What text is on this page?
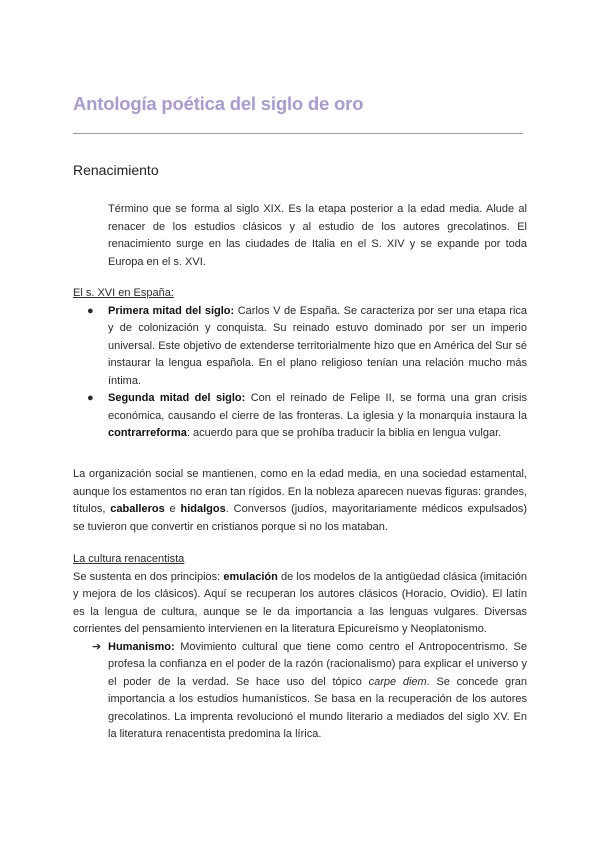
Antología poética del siglo de oro
Renacimiento

Término que se forma al siglo XIX. Es la etapa posterior a la edad media. Alude al renacer de los estudios clásicos y al estudio de los autores grecolatinos. El renacimiento surge en las ciudades de Italia en el S. XIV y se expande por toda Europa en el s. XVI.

El s. XVI en España:
● Primera mitad del siglo: Carlos V de España. Se caracteriza por ser una etapa rica y de colonización y conquista. Su reinado estuvo dominado por ser un imperio universal. Este objetivo de extenderse territorialmente hizo que en América del Sur sé instaurar la lengua española. En el plano religioso tenían una relación mucho más íntima.
● Segunda mitad del siglo: Con el reinado de Felipe II, se forma una gran crisis económica, causando el cierre de las fronteras. La iglesia y la monarquía instaura la contrarreforma: acuerdo para que se prohíba traducir la biblia en lengua vulgar.

La organización social se mantienen, como en la edad media, en una sociedad estamental, aunque los estamentos no eran tan rígidos. En la nobleza aparecen nuevas figuras: grandes, títulos, caballeros e hidalgos. Conversos (judíos, mayoritariamente médicos expulsados) se tuvieron que convertir en cristianos porque si no los mataban.

La cultura renacentista

Se sustenta en dos principios: emulación de los modelos de la antigüedad clásica (imitación y mejora de los clásicos). Aquí se recuperan los autores clásicos (Horacio, Ovidio). El latín es la lengua de cultura, aunque se le da importancia a las lenguas vulgares. Diversas corrientes del pensamiento intervienen en la literatura Epicureísmo y Neoplatonismo.

➔ Humanismo: Movimiento cultural que tiene como centro el Antropocentrismo. Se profesa la confianza en el poder de la razón (racionalismo) para explicar el universo y el poder de la verdad. Se hace uso del tópico carpe diem. Se concede gran importancia a los estudios humanísticos. Se basa en la recuperación de los autores grecolatinos. La imprenta revolucionó el mundo literario a mediados del siglo XV. En la literatura renacentista predomina la lírica.
